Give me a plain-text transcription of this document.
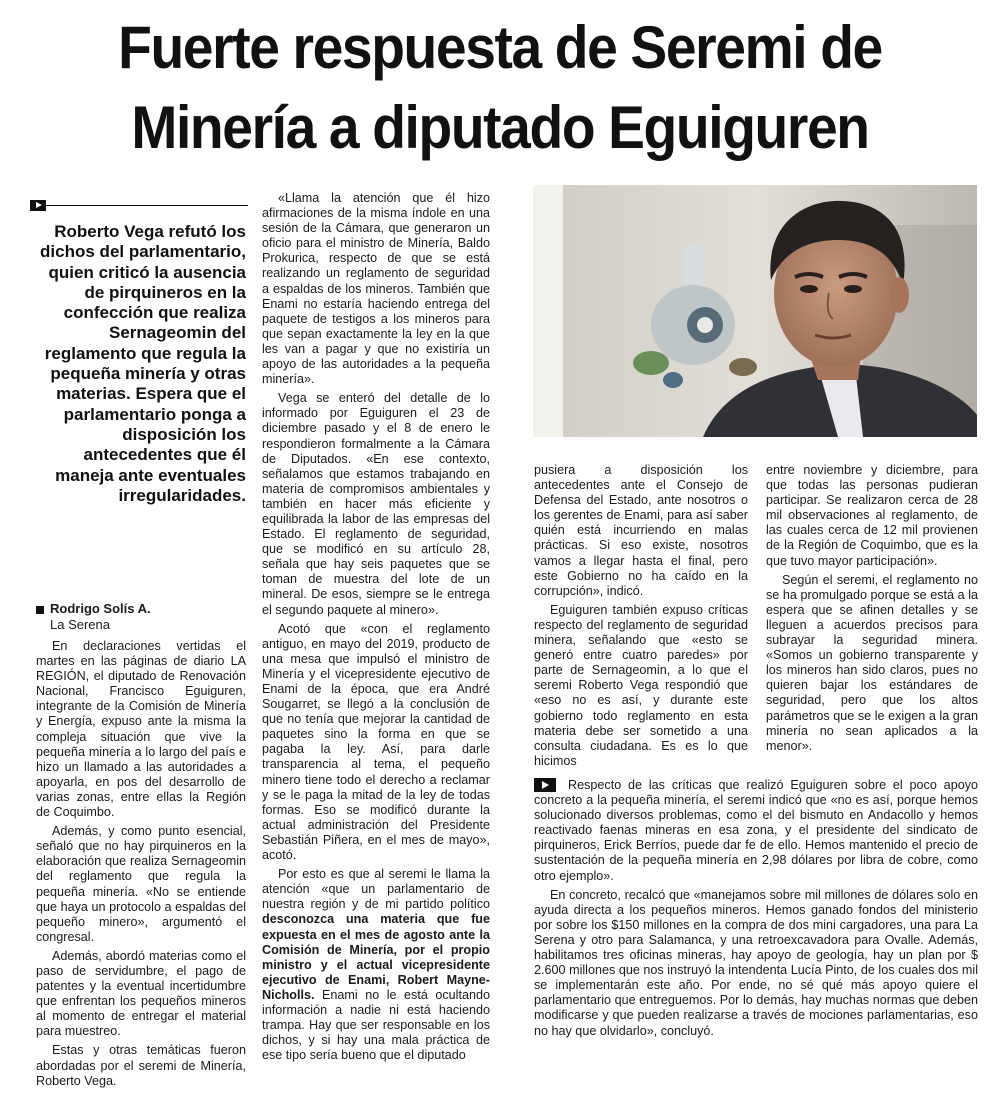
Fuerte respuesta de Seremi de Minería a diputado Eguiguren

Roberto Vega refutó los dichos del parlamentario, quien criticó la ausencia de pirquineros en la confección que realiza Sernageomin del reglamento que regula la pequeña minería y otras materias. Espera que el parlamentario ponga a disposición los antecedentes que él maneja ante eventuales irregularidades.

Rodrigo Solís A.
La Serena

En declaraciones vertidas el martes en las páginas de diario LA REGIÓN, el diputado de Renovación Nacional, Francisco Eguiguren, integrante de la Comisión de Minería y Energía, expuso ante la misma la compleja situación que vive la pequeña minería a lo largo del país e hizo un llamado a las autoridades a apoyarla, en pos del desarrollo de varias zonas, entre ellas la Región de Coquimbo.

Además, y como punto esencial, señaló que no hay pirquineros en la elaboración que realiza Sernageomin del reglamento que regula la pequeña minería. «No se entiende que haya un protocolo a espaldas del pequeño minero», argumentó el congresal.

Además, abordó materias como el paso de servidumbre, el pago de patentes y la eventual incertidumbre que enfrentan los pequeños mineros al momento de entregar el material para muestreo.

Estas y otras temáticas fueron abordadas por el seremi de Minería, Roberto Vega.

«Llama la atención que él hizo afirmaciones de la misma índole en una sesión de la Cámara, que generaron un oficio para el ministro de Minería, Baldo Prokurica, respecto de que se está realizando un reglamento de seguridad a espaldas de los mineros. También que Enami no estaría haciendo entrega del paquete de testigos a los mineros para que sepan exactamente la ley en la que les van a pagar y que no existiría un apoyo de las autoridades a la pequeña minería».

Vega se enteró del detalle de lo informado por Eguiguren el 23 de diciembre pasado y el 8 de enero le respondieron formalmente a la Cámara de Diputados. «En ese contexto, señalamos que estamos trabajando en materia de compromisos ambientales y también en hacer más eficiente y equilibrada la labor de las empresas del Estado. El reglamento de seguridad, que se modificó en su artículo 28, señala que hay seis paquetes que se toman de muestra del lote de un mineral. De esos, siempre se le entrega el segundo paquete al minero».

Acotó que «con el reglamento antiguo, en mayo del 2019, producto de una mesa que impulsó el ministro de Minería y el vicepresidente ejecutivo de Enami de la época, que era André Sougarret, se llegó a la conclusión de que no tenía que mejorar la cantidad de paquetes sino la forma en que se pagaba la ley. Así, para darle transparencia al tema, el pequeño minero tiene todo el derecho a reclamar y se le paga la mitad de la ley de todas formas. Eso se modificó durante la actual administración del Presidente Sebastián Piñera, en el mes de mayo», acotó.

Por esto es que al seremi le llama la atención «que un parlamentario de nuestra región y de mi partido político desconozca una materia que fue expuesta en el mes de agosto ante la Comisión de Minería, por el propio ministro y el actual vicepresidente ejecutivo de Enami, Robert Mayne-Nicholls. Enami no le está ocultando información a nadie ni está haciendo trampa. Hay que ser responsable en los dichos, y si hay una mala práctica de ese tipo sería bueno que el diputado

pusiera a disposición los antecedentes ante el Consejo de Defensa del Estado, ante nosotros o los gerentes de Enami, para así saber quién está incurriendo en malas prácticas. Si eso existe, nosotros vamos a llegar hasta el final, pero este Gobierno no ha caído en la corrupción», indicó.

Eguiguren también expuso críticas respecto del reglamento de seguridad minera, señalando que «esto se generó entre cuatro paredes» por parte de Sernageomin, a lo que el seremi Roberto Vega respondió que «eso no es así, y durante este gobierno todo reglamento en esta materia debe ser sometido a una consulta ciudadana. Es es lo que hicimos

entre noviembre y diciembre, para que todas las personas pudieran participar. Se realizaron cerca de 28 mil observaciones al reglamento, de las cuales cerca de 12 mil provienen de la Región de Coquimbo, que es la que tuvo mayor participación».

Según el seremi, el reglamento no se ha promulgado porque se está a la espera que se afinen detalles y se lleguen a acuerdos precisos para subrayar la seguridad minera. «Somos un gobierno transparente y los mineros han sido claros, pues no quieren bajar los estándares de seguridad, pero que los altos parámetros que se le exigen a la gran minería no sean aplicados a la menor».

Respecto de las críticas que realizó Eguiguren sobre el poco apoyo concreto a la pequeña minería, el seremi indicó que «no es así, porque hemos solucionado diversos problemas, como el del bismuto en Andacollo y hemos reactivado faenas mineras en esa zona, y el presidente del sindicato de pirquineros, Erick Berríos, puede dar fe de ello. Hemos mantenido el precio de sustentación de la pequeña minería en 2,98 dólares por libra de cobre, como otro ejemplo».

En concreto, recalcó que «manejamos sobre mil millones de dólares solo en ayuda directa a los pequeños mineros. Hemos ganado fondos del ministerio por sobre los $150 millones en la compra de dos mini cargadores, una para La Serena y otro para Salamanca, y una retroexcavadora para Ovalle. Además, habilitamos tres oficinas mineras, hay apoyo de geología, hay un plan por $ 2.600 millones que nos instruyó la intendenta Lucía Pinto, de los cuales dos mil se implementarán este año. Por ende, no sé qué más apoyo quiere el parlamentario que entreguemos. Por lo demás, hay muchas normas que deben modificarse y que pueden realizarse a través de mociones parlamentarias, eso no hay que olvidarlo», concluyó.
